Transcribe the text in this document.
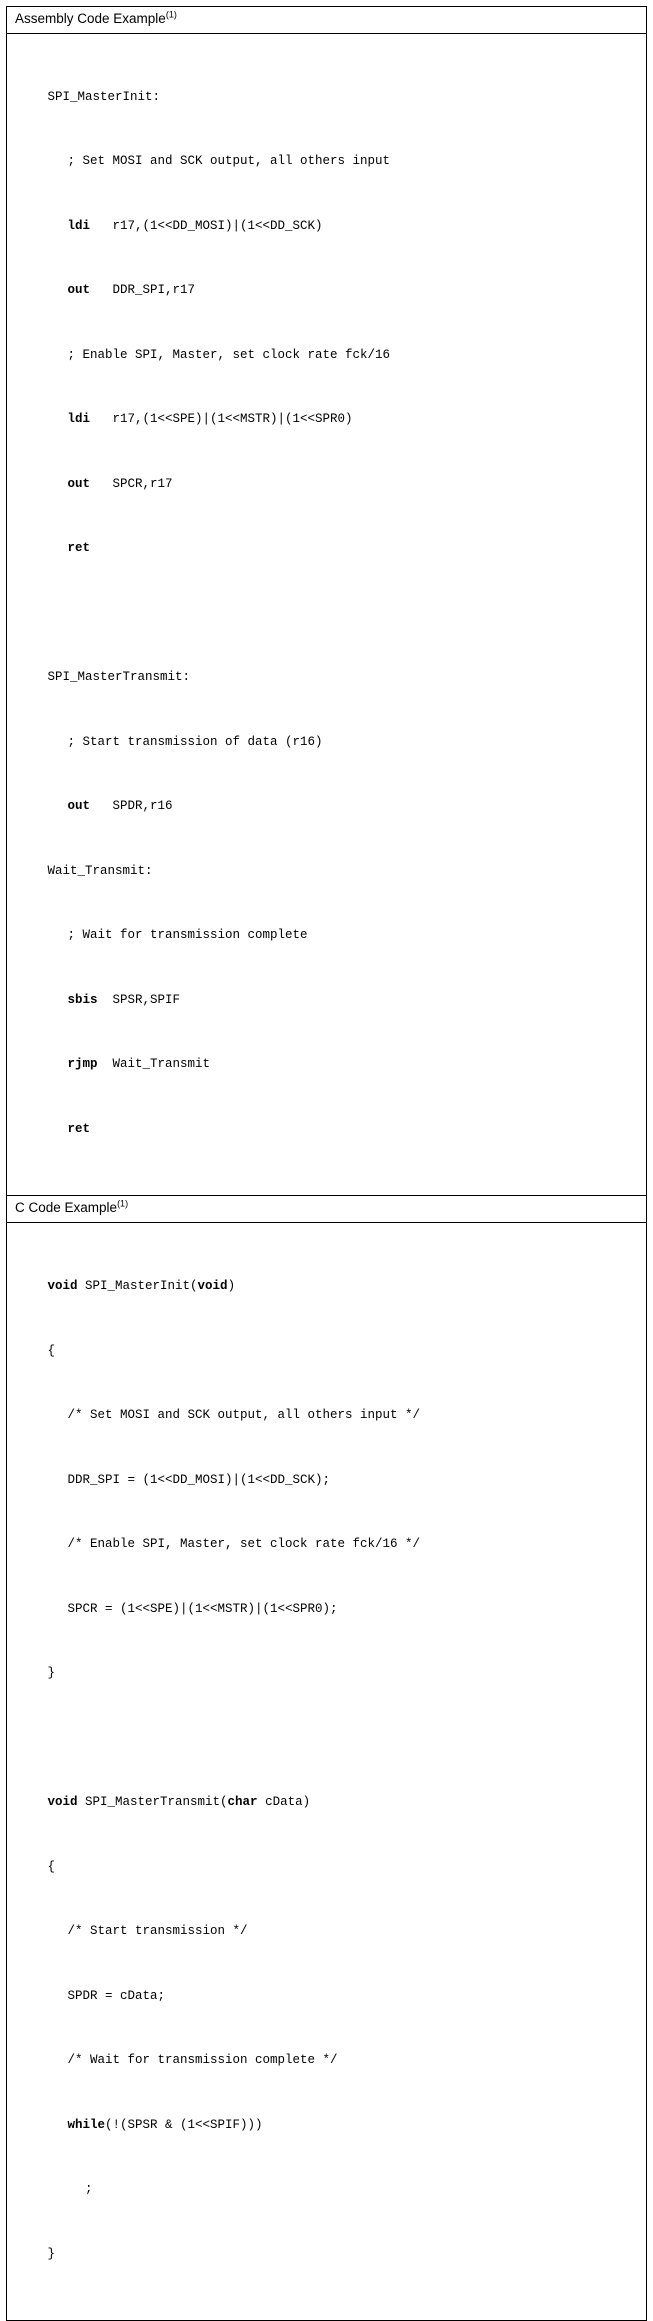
Assembly Code Example$^{(1)}$

SPI_MasterInit:

; Set MOSI and SCK output, all others input

ldi   r17,(1<<DD_MOSI)|(1<<DD_SCK)

out   DDR_SPI,r17

; Enable SPI, Master, set clock rate fck/16

ldi   r17,(1<<SPE)|(1<<MSTR)|(1<<SPR0)

out   SPCR,r17

ret

SPI_MasterTransmit:

; Start transmission of data (r16)

out   SPDR,r16

Wait_Transmit:

; Wait for transmission complete

sbis  SPSR,SPIF

rjmp  Wait_Transmit

ret

C Code Example$^{(1)}$

void SPI_MasterInit(void)

{

/* Set MOSI and SCK output, all others input */

DDR_SPI = (1<<DD_MOSI)|(1<<DD_SCK);

/* Enable SPI, Master, set clock rate fck/16 */

SPCR = (1<<SPE)|(1<<MSTR)|(1<<SPR0);

}

void SPI_MasterTransmit(char cData)

{

/* Start transmission */

SPDR = cData;

/* Wait for transmission complete */

while(!(SPSR & (1<<SPIF)))

;

}
